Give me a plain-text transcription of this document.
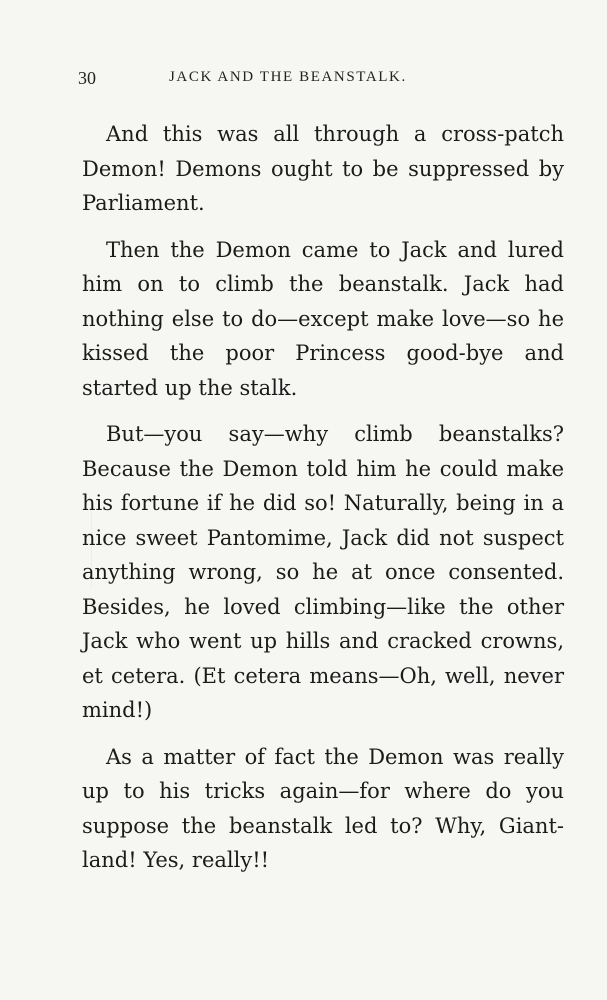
30	JACK AND THE BEANSTALK.

And this was all through a cross-patch Demon! Demons ought to be suppressed by Parliament.

Then the Demon came to Jack and lured him on to climb the beanstalk. Jack had nothing else to do—except make love—so he kissed the poor Princess good-bye and started up the stalk.

But—you say—why climb beanstalks? Because the Demon told him he could make his fortune if he did so! Naturally, being in a nice sweet Pantomime, Jack did not suspect anything wrong, so he at once consented. Besides, he loved climbing—like the other Jack who went up hills and cracked crowns, et cetera. (Et cetera means—Oh, well, never mind!)

As a matter of fact the Demon was really up to his tricks again—for where do you suppose the beanstalk led to? Why, Giant-land! Yes, really!!
